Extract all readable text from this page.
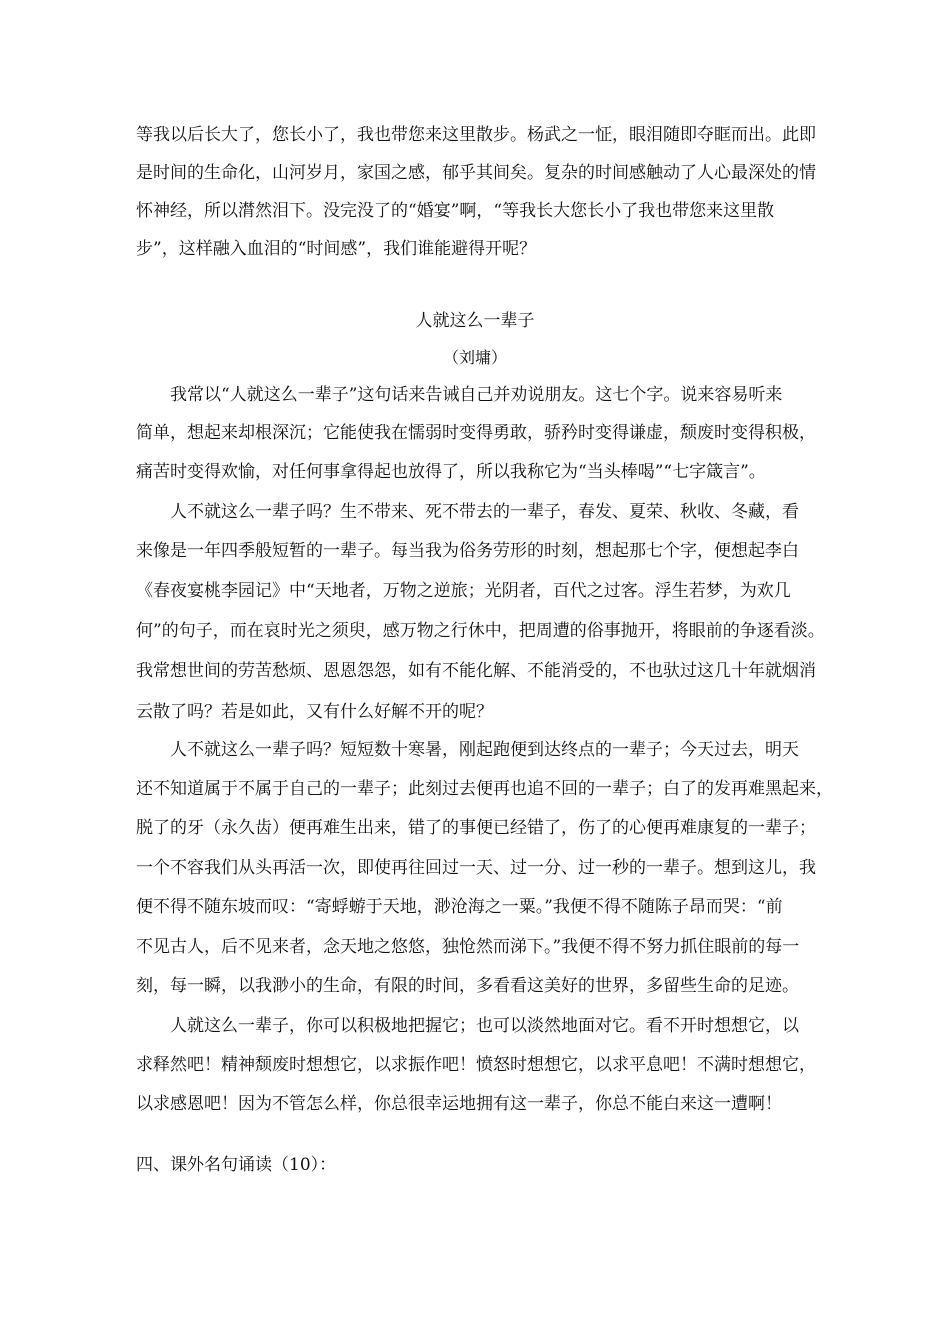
等我以后长大了，您长小了，我也带您来这里散步。杨武之一怔，眼泪随即夺眶而出。此即
是时间的生命化，山河岁月，家国之感，郁乎其间矣。复杂的时间感触动了人心最深处的情
怀神经，所以潸然泪下。没完没了的“婚宴”啊，“等我长大您长小了我也带您来这里散
步”，这样融入血泪的“时间感”，我们谁能避得开呢？
人就这么一辈子
（刘墉）
　　我常以“人就这么一辈子”这句话来告诫自己并劝说朋友。这七个字。说来容易听来
简单，想起来却根深沉；它能使我在懦弱时变得勇敢，骄矜时变得谦虚，颓废时变得积极，
痛苦时变得欢愉，对任何事拿得起也放得了，所以我称它为“当头棒喝”“七字箴言”。
　　人不就这么一辈子吗？生不带来、死不带去的一辈子，春发、夏荣、秋收、冬藏，看
来像是一年四季般短暂的一辈子。每当我为俗务劳形的时刻，想起那七个字，便想起李白
《春夜宴桃李园记》中“天地者，万物之逆旅；光阴者，百代之过客。浮生若梦，为欢几
何”的句子，而在哀时光之须臾，感万物之行休中，把周遭的俗事抛开，将眼前的争逐看淡。
我常想世间的劳苦愁烦、恩恩怨怨，如有不能化解、不能消受的，不也驮过这几十年就烟消
云散了吗？若是如此，又有什么好解不开的呢？
　　人不就这么一辈子吗？短短数十寒暑，刚起跑便到达终点的一辈子；今天过去，明天
还不知道属于不属于自己的一辈子；此刻过去便再也追不回的一辈子；白了的发再难黑起来，
脱了的牙（永久齿）便再难生出来，错了的事便已经错了，伤了的心便再难康复的一辈子；
一个不容我们从头再活一次，即使再往回过一天、过一分、过一秒的一辈子。想到这儿，我
便不得不随东坡而叹：“寄蜉蝣于天地，渺沧海之一粟。”我便不得不随陈子昂而哭：“前
不见古人，后不见来者，念天地之悠悠，独怆然而涕下。”我便不得不努力抓住眼前的每一
刻，每一瞬，以我渺小的生命，有限的时间，多看看这美好的世界，多留些生命的足迹。
　　人就这么一辈子，你可以积极地把握它；也可以淡然地面对它。看不开时想想它，以
求释然吧！精神颓废时想想它，以求振作吧！愤怒时想想它，以求平息吧！不满时想想它，
以求感恩吧！因为不管怎么样，你总很幸运地拥有这一辈子，你总不能白来这一遭啊！
四、课外名句诵读（10）：
